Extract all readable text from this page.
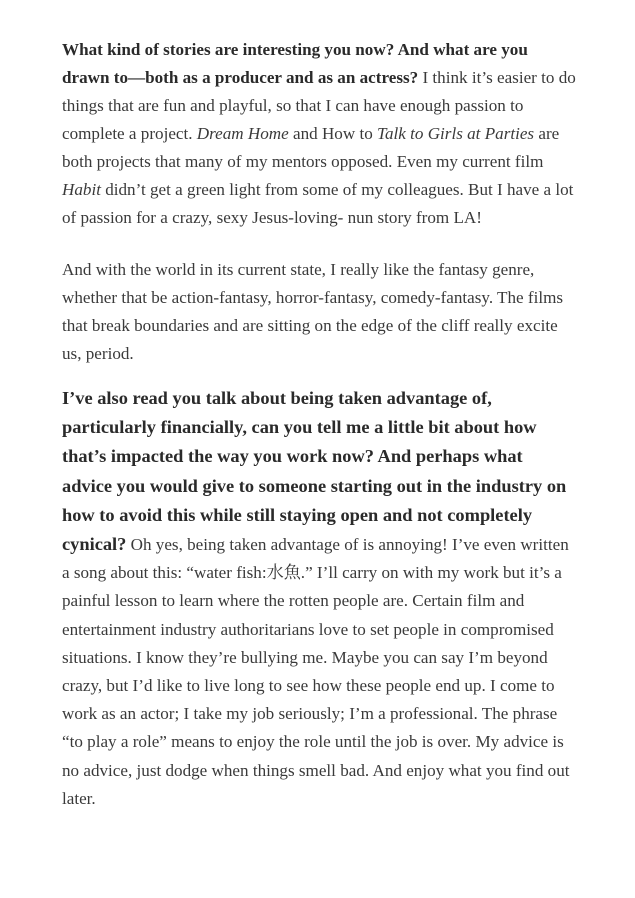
What kind of stories are interesting you now? And what are you drawn to—both as a producer and as an actress? I think it’s easier to do things that are fun and playful, so that I can have enough passion to complete a project. Dream Home and How to Talk to Girls at Parties are both projects that many of my mentors opposed. Even my current film Habit didn’t get a green light from some of my colleagues. But I have a lot of passion for a crazy, sexy Jesus-loving- nun story from LA!

And with the world in its current state, I really like the fantasy genre, whether that be action-fantasy, horror-fantasy, comedy-fantasy. The films that break boundaries and are sitting on the edge of the cliff really excite us, period.

I’ve also read you talk about being taken advantage of, particularly financially, can you tell me a little bit about how that’s impacted the way you work now? And perhaps what advice you would give to someone starting out in the industry on how to avoid this while still staying open and not completely cynical? Oh yes, being taken advantage of is annoying! I’ve even written a song about this: “water fish:水魚.” I’ll carry on with my work but it’s a painful lesson to learn where the rotten people are. Certain film and entertainment industry authoritarians love to set people in compromised situations. I know they’re bullying me. Maybe you can say I’m beyond crazy, but I’d like to live long to see how these people end up. I come to work as an actor; I take my job seriously; I’m a professional. The phrase “to play a role” means to enjoy the role until the job is over. My advice is no advice, just dodge when things smell bad. And enjoy what you find out later.
